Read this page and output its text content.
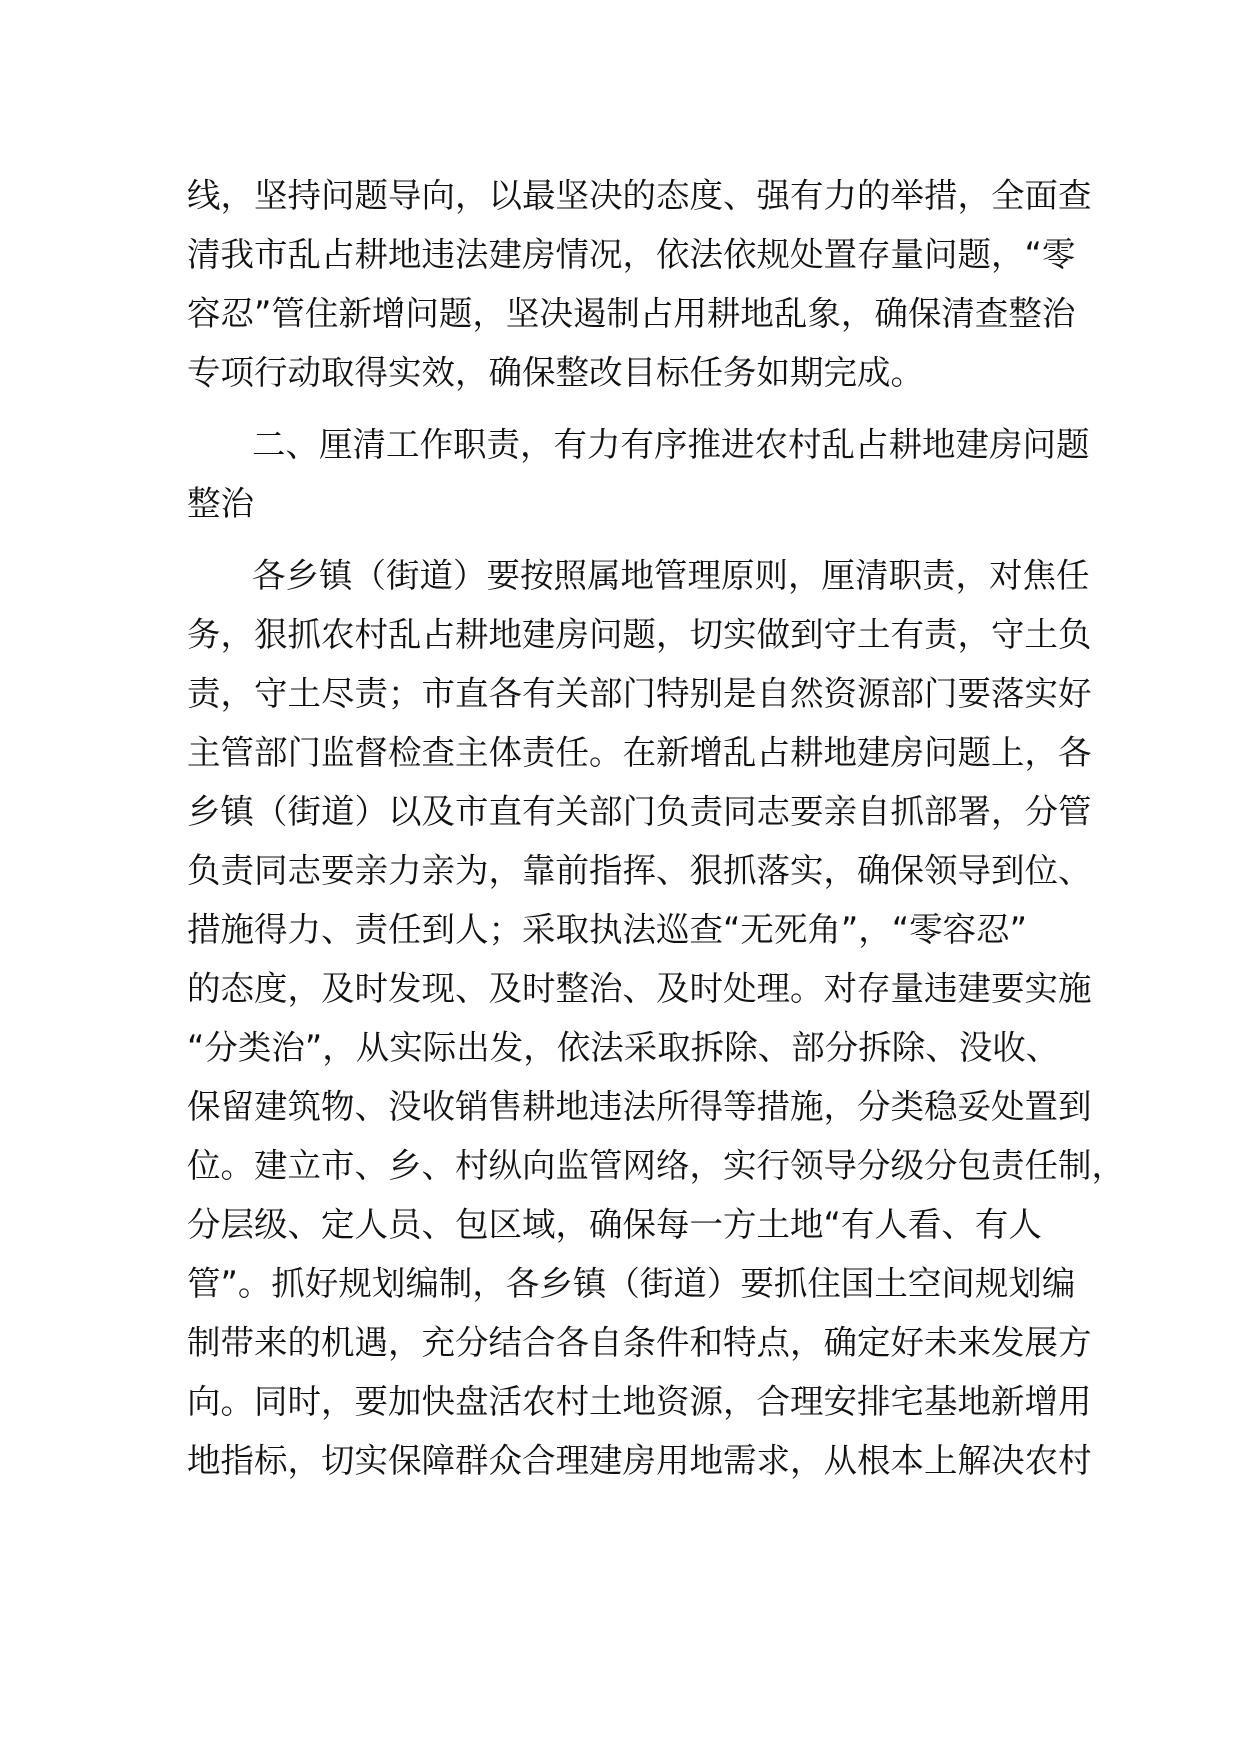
线，坚持问题导向，以最坚决的态度、强有力的举措，全面查
清我市乱占耕地违法建房情况，依法依规处置存量问题，“零
容忍”管住新增问题，坚决遏制占用耕地乱象，确保清查整治
专项行动取得实效，确保整改目标任务如期完成。
二、厘清工作职责，有力有序推进农村乱占耕地建房问题
整治
各乡镇（街道）要按照属地管理原则，厘清职责，对焦任
务，狠抓农村乱占耕地建房问题，切实做到守土有责，守土负
责，守土尽责；市直各有关部门特别是自然资源部门要落实好
主管部门监督检查主体责任。在新增乱占耕地建房问题上，各
乡镇（街道）以及市直有关部门负责同志要亲自抓部署，分管
负责同志要亲力亲为，靠前指挥、狠抓落实，确保领导到位、
措施得力、责任到人；采取执法巡查“无死角”，“零容忍”
的态度，及时发现、及时整治、及时处理。对存量违建要实施
“分类治”，从实际出发，依法采取拆除、部分拆除、没收、
保留建筑物、没收销售耕地违法所得等措施，分类稳妥处置到
位。建立市、乡、村纵向监管网络，实行领导分级分包责任制，
分层级、定人员、包区域，确保每一方土地“有人看、有人
管”。抓好规划编制，各乡镇（街道）要抓住国土空间规划编
制带来的机遇，充分结合各自条件和特点，确定好未来发展方
向。同时，要加快盘活农村土地资源，合理安排宅基地新增用
地指标，切实保障群众合理建房用地需求，从根本上解决农村
